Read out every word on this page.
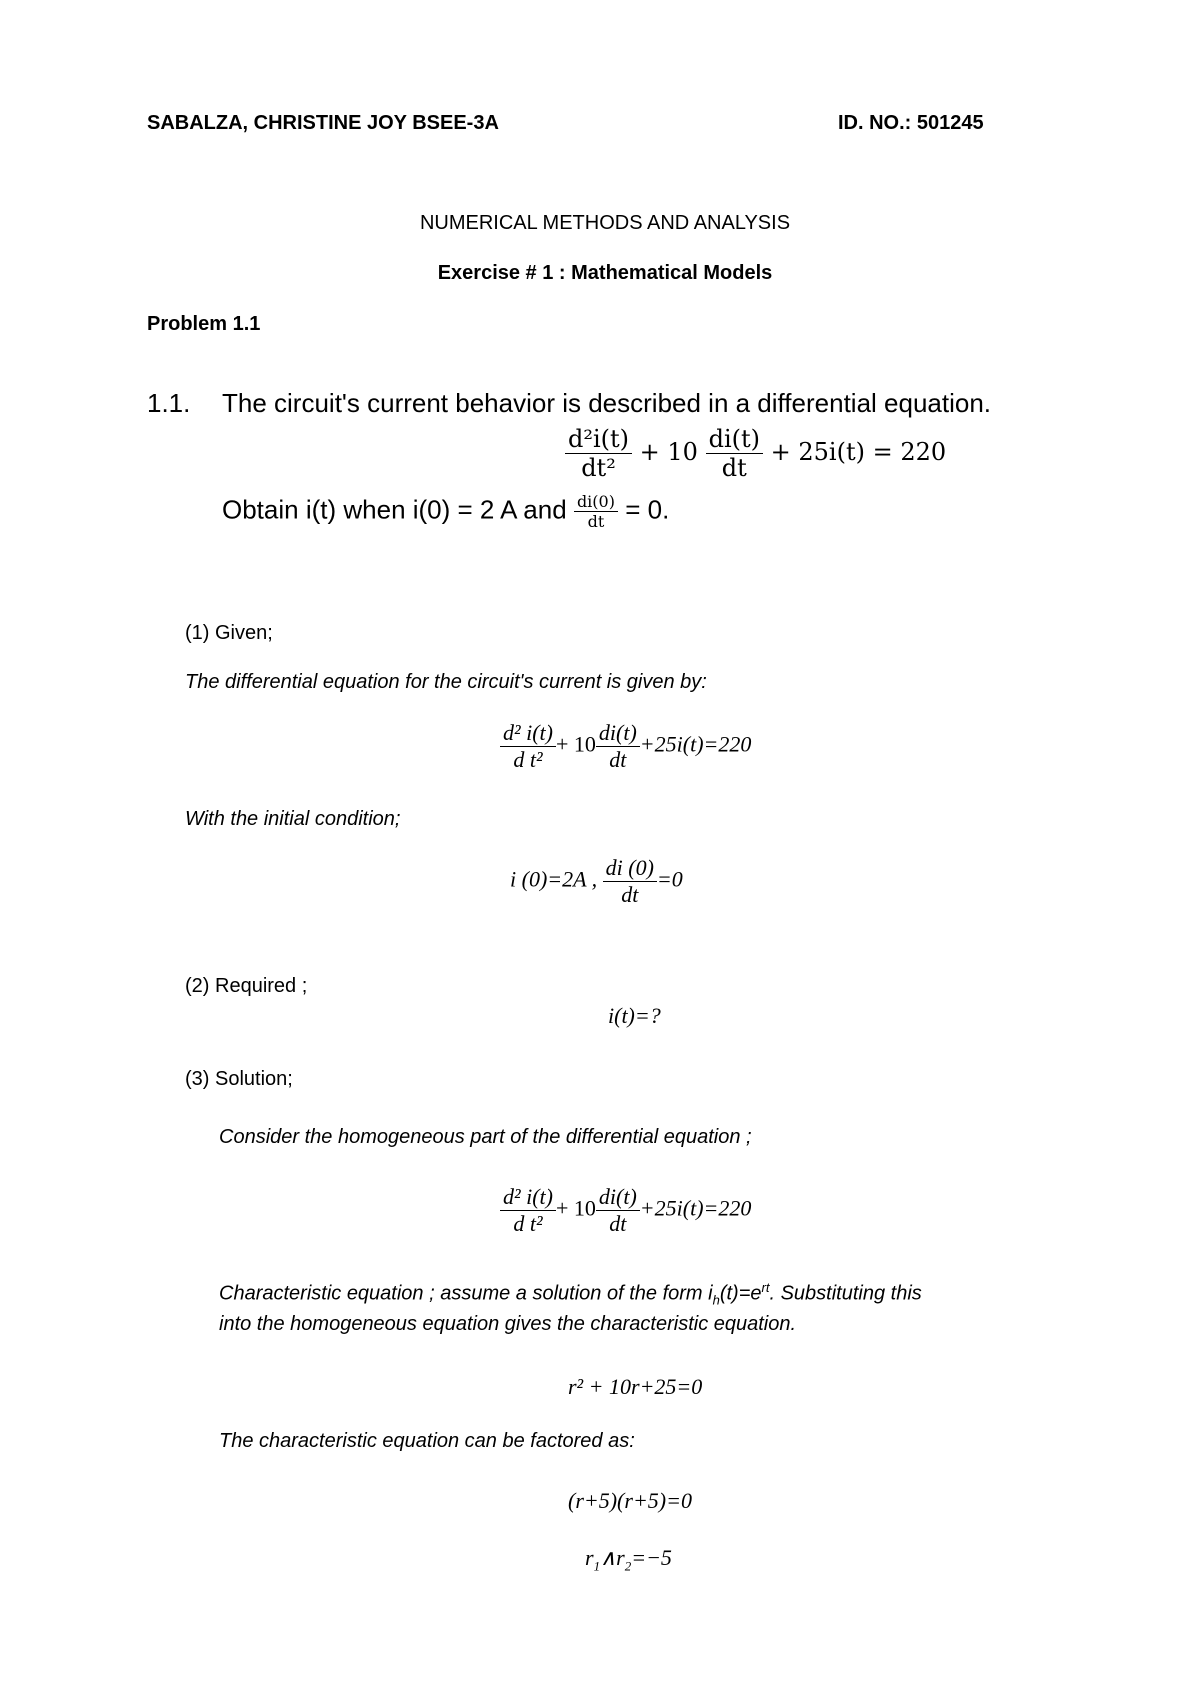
SABALZA, CHRISTINE JOY BSEE-3A	ID. NO.: 501245
NUMERICAL METHODS AND ANALYSIS
Exercise # 1 : Mathematical Models
Problem 1.1
1.1. The circuit's current behavior is described in a differential equation.
$\frac{\text{d²i(t)}}{\text{dt²}} + 10 \frac{di(t)}{dt} + 25i(t) = 220$
Obtain i(t) when i(0) = 2 A and $\frac{di(0)}{dt} = 0$.
(1) Given;
The differential equation for the circuit's current is given by:
$\frac{\text{d² i(t)}}{\text{d t²}} + 10 \frac{di(t)}{dt} +25i(t)=220$
With the initial condition;
i (0)=2A , $\frac{di (0)}{dt} =0$
(2) Required ;
i(t)=?
(3) Solution;
Consider the homogeneous part of the differential equation ;
$\frac{\text{d² i(t)}}{\text{d t²}} + 10 \frac{di(t)}{dt} +25i(t)=220$
Characteristic equation ; assume a solution of the form $i_h(t)=e^{rt}$. Substituting this
into the homogeneous equation gives the characteristic equation.
r² + 10r+25=0
The characteristic equation can be factored as:
(r+5)(r+5)=0
$r_1\wedge r_2=-5$
